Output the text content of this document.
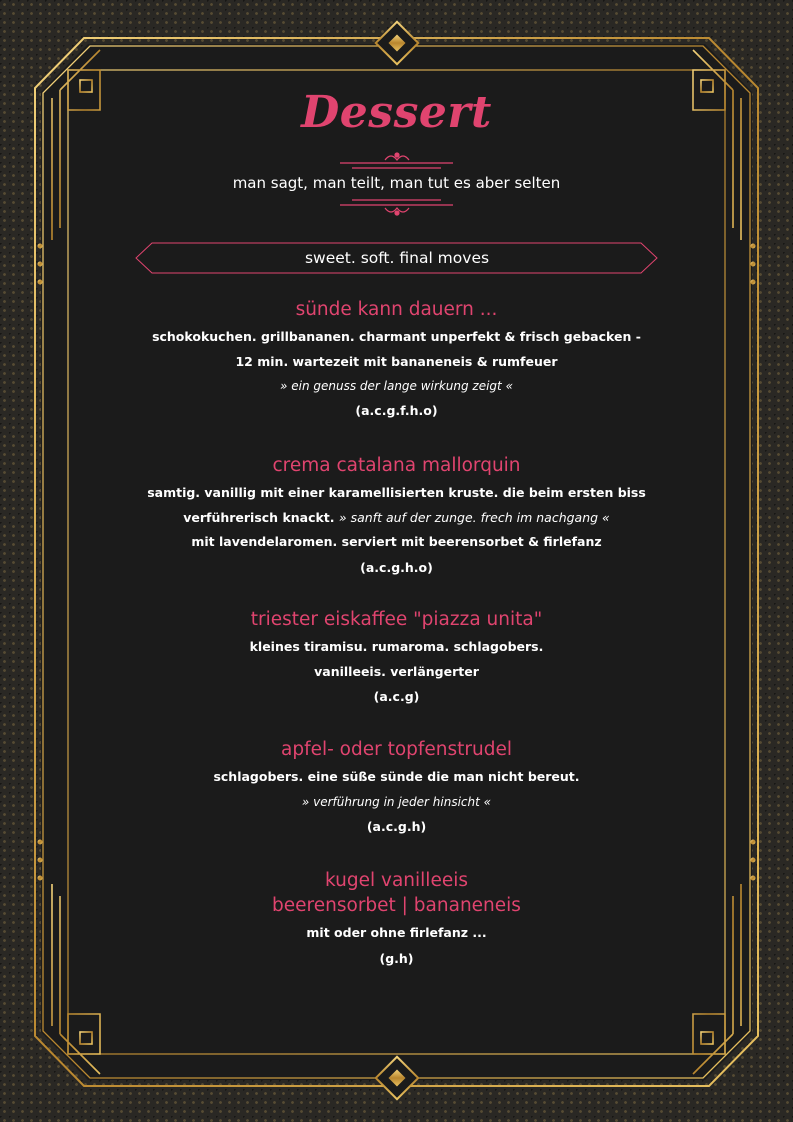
Dessert

man sagt, man teilt, man tut es aber selten

sweet. soft. final moves

sünde kann dauern ...

schokokuchen. grillbananen. charmant unperfekt & frisch gebacken -

12 min. wartezeit mit bananeneis & rumfeuer

» ein genuss der lange wirkung zeigt «

(a.c.g.f.h.o)

crema catalana mallorquin

samtig. vanillig mit einer karamellisierten kruste. die beim ersten biss

verführerisch knackt. » sanft auf der zunge. frech im nachgang «

mit lavendelaromen. serviert mit beerensorbet & firlefanz

(a.c.g.h.o)

triester eiskaffee "piazza unita"

kleines tiramisu. rumaroma. schlagobers.

vanilleeis. verlängerter

(a.c.g)

apfel- oder topfenstrudel

schlagobers. eine süße sünde die man nicht bereut.

» verführung in jeder hinsicht «

(a.c.g.h)

kugel vanilleeis

beerensorbet | bananeneis

mit oder ohne firlefanz ...

(g.h)
